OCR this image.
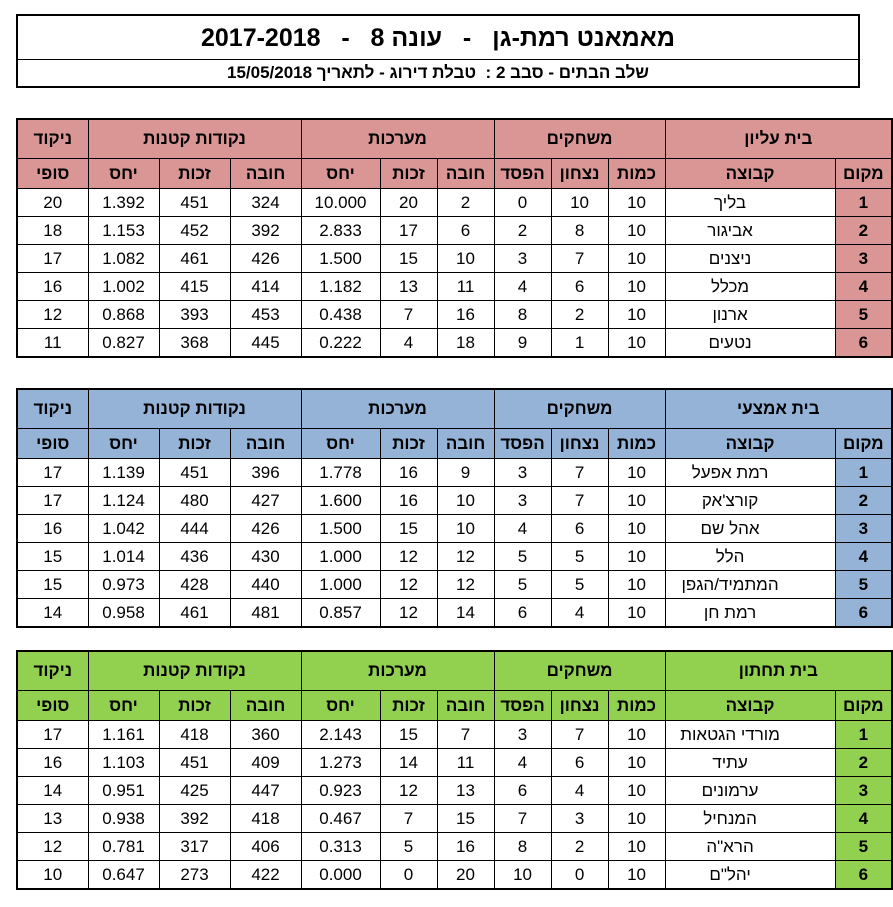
מאמאנט רמת-גן   -   עונה 8   -   2017-2018
שלב הבתים - סבב 2 :  טבלת דירוג - לתאריך 15/05/2018
בית עליון		משחקים			מערכות			נקודות קטנות			ניקוד
מקום	קבוצה	כמות	נצחון	הפסד	חובה	זכות	יחס	חובה	זכות	יחס	סופי
1	בליך	10	10	0	2	20	10.000	324	451	1.392	20
2	אביגור	10	8	2	6	17	2.833	392	452	1.153	18
3	ניצנים	10	7	3	10	15	1.500	426	461	1.082	17
4	מכלל	10	6	4	11	13	1.182	414	415	1.002	16
5	ארנון	10	2	8	16	7	0.438	453	393	0.868	12
6	נטעים	10	1	9	18	4	0.222	445	368	0.827	11
בית אמצעי		משחקים			מערכות			נקודות קטנות			ניקוד
מקום	קבוצה	כמות	נצחון	הפסד	חובה	זכות	יחס	חובה	זכות	יחס	סופי
1	רמת אפעל	10	7	3	9	16	1.778	396	451	1.139	17
2	קורצ'אק	10	7	3	10	16	1.600	427	480	1.124	17
3	אהל שם	10	6	4	10	15	1.500	426	444	1.042	16
4	הלל	10	5	5	12	12	1.000	430	436	1.014	15
5	המתמיד/הגפן	10	5	5	12	12	1.000	440	428	0.973	15
6	רמת חן	10	4	6	14	12	0.857	481	461	0.958	14
בית תחתון		משחקים			מערכות			נקודות קטנות			ניקוד
מקום	קבוצה	כמות	נצחון	הפסד	חובה	זכות	יחס	חובה	זכות	יחס	סופי
1	מורדי הגטאות	10	7	3	7	15	2.143	360	418	1.161	17
2	עתיד	10	6	4	11	14	1.273	409	451	1.103	16
3	ערמונים	10	4	6	13	12	0.923	447	425	0.951	14
4	המנחיל	10	3	7	15	7	0.467	418	392	0.938	13
5	הרא"ה	10	2	8	16	5	0.313	406	317	0.781	12
6	יהל"ם	10	0	10	20	0	0.000	422	273	0.647	10
